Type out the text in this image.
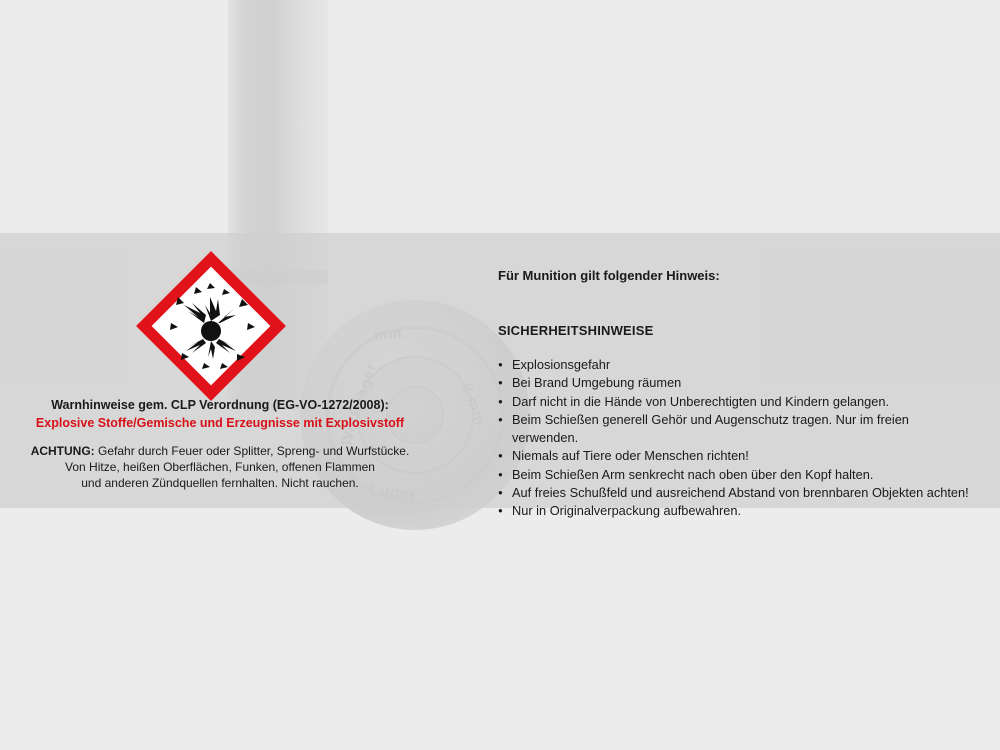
Warnhinweise gem. CLP Verordnung (EG-VO-1272/2008):
Explosive Stoffe/Gemische und Erzeugnisse mit Explosivstoff
ACHTUNG: Gefahr durch Feuer oder Splitter, Spreng- und Wurfstücke.
Von Hitze, heißen Oberflächen, Funken, offenen Flammen
und anderen Zündquellen fernhalten. Nicht rauchen.

Für Munition gilt folgender Hinweis:

SICHERHEITSHINWEISE

● Explosionsgefahr
● Bei Brand Umgebung räumen
● Darf nicht in die Hände von Unberechtigten und Kindern gelangen.
● Beim Schießen generell Gehör und Augenschutz tragen. Nur im freien verwenden.
● Niemals auf Tiere oder Menschen richten!
● Beim Schießen Arm senkrecht nach oben über den Kopf halten.
● Auf freies Schußfeld und ausreichend Abstand von brennbaren Objekten achten!
● Nur in Originalverpackung aufbewahren.
